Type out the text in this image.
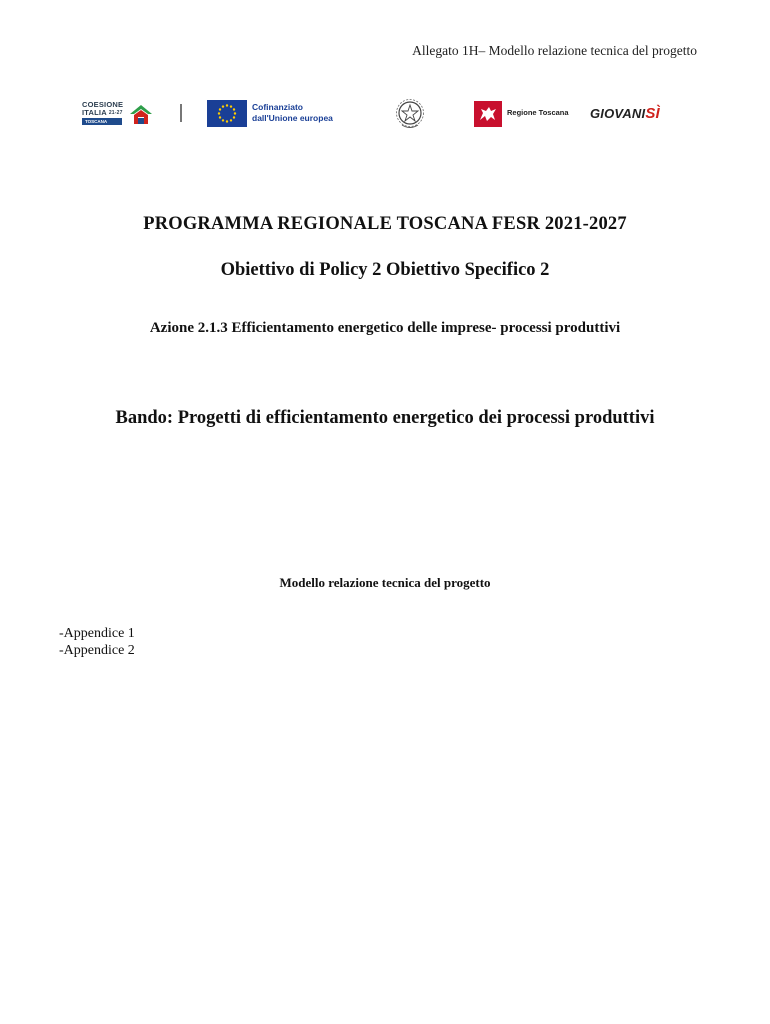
Allegato 1H– Modello relazione tecnica del progetto
COESIONE
ITALIA $^{21-27}$
TOSCANA
Cofinanziato
dall'Unione europea
Regione Toscana GIOVANISÌ
PROGRAMMA REGIONALE TOSCANA FESR 2021-2027
Obiettivo di Policy 2 Obiettivo Specifico 2
Azione 2.1.3 Efficientamento energetico delle imprese- processi produttivi
Bando: Progetti di efficientamento energetico dei processi produttivi
Modello relazione tecnica del progetto
-Appendice 1
-Appendice 2
